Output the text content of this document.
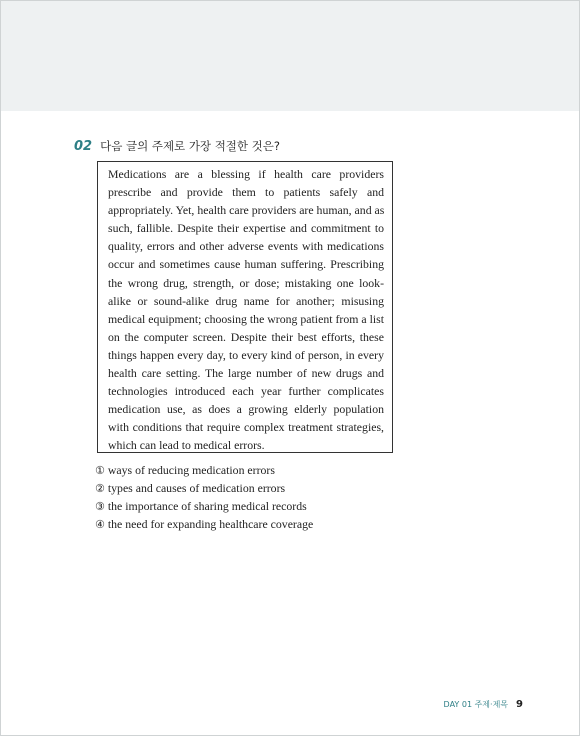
02 다음 글의 주제로 가장 적절한 것은?
Medications are a blessing if health care providers
prescribe and provide them to patients safely and
appropriately. Yet, health care providers are human, and as
such, fallible. Despite their expertise and commitment to
quality, errors and other adverse events with medications
occur and sometimes cause human suffering. Prescribing
the wrong drug, strength, or dose; mistaking one look-
alike or sound-alike drug name for another; misusing
medical equipment; choosing the wrong patient from a list
on the computer screen. Despite their best efforts, these
things happen every day, to every kind of person, in every
health care setting. The large number of new drugs and
technologies introduced each year further complicates
medication use, as does a growing elderly population
with conditions that require complex treatment strategies,
which can lead to medical errors.
① ways of reducing medication errors
② types and causes of medication errors
③ the importance of sharing medical records
④ the need for expanding healthcare coverage
DAY 01 주제·제목 9
